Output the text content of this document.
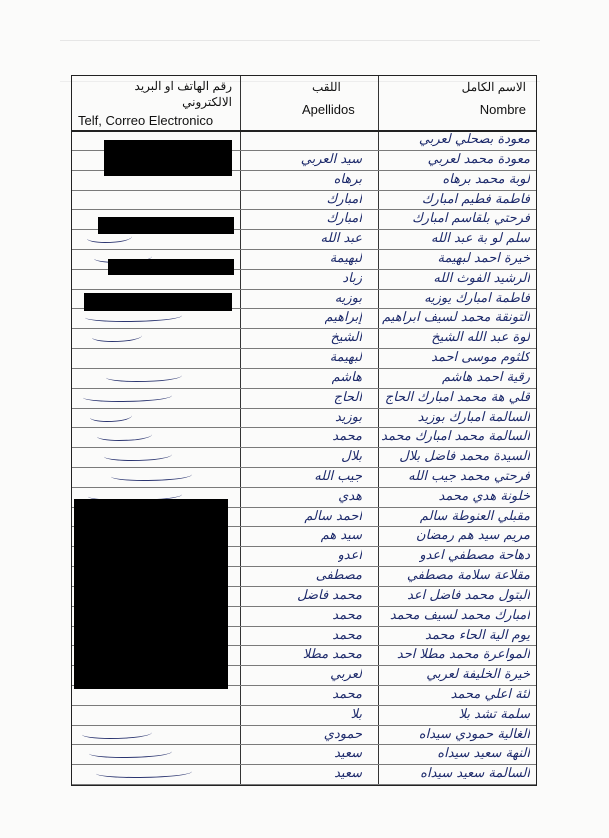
رقم الهاتف او البريد الالكتروني
Telf, Correo Electronico
اللقب
Apellidos
الاسم الكامل
Nombre
معودة بصحلي لعربي
معودة محمد لعربي
سيد العربي
لوبة محمد برهاه
برهاه
فاطمة فطيم امبارك
امبارك
فرحتي بلقاسم امبارك
امبارك
سلم لو بة عبد الله
عبد الله
خيرة احمد لبهيمة
لبهيمة
الرشيد الفوث الله
زباد
فاطمة امبارك يوزيه
بوزيه
التونقة محمد لسيف ابراهيم
إبراهيم
لوة عبد الله الشيخ
الشيخ
كلثوم موسى احمد
لبهيمة
رقية احمد هاشم
هاشم
قلي هة محمد امبارك الحاج
الحاج
السالمة امبارك بوزيد
بوزيد
السالمة محمد امبارك محمد
محمد
السيدة محمد فاضل بلال
بلال
فرحتي محمد جيب الله
جيب الله
خلونة هدي محمد
هدي
مقبلي العنوطة سالم
احمد سالم
مريم سيد هم رمضان
سيد هم
دهاحة مصطفي اعدو
اعدو
مقلاعة سلامة مصطفي
مصطفى
البتول محمد فاضل اعد
محمد فاضل
امبارك محمد لسيف محمد
محمد
يوم الية الحاء محمد
محمد
المواعرة محمد مطلا احد
محمد مطلا
خيرة الخليفة لعربي
لعربي
لئة اعلي محمد
محمد
سلمة تشد بلا
بلا
الغالية حمودي سيداه
حمودي
النهة سعيد سيداه
سعيد
السالمة سعيد سيداه
سعيد
